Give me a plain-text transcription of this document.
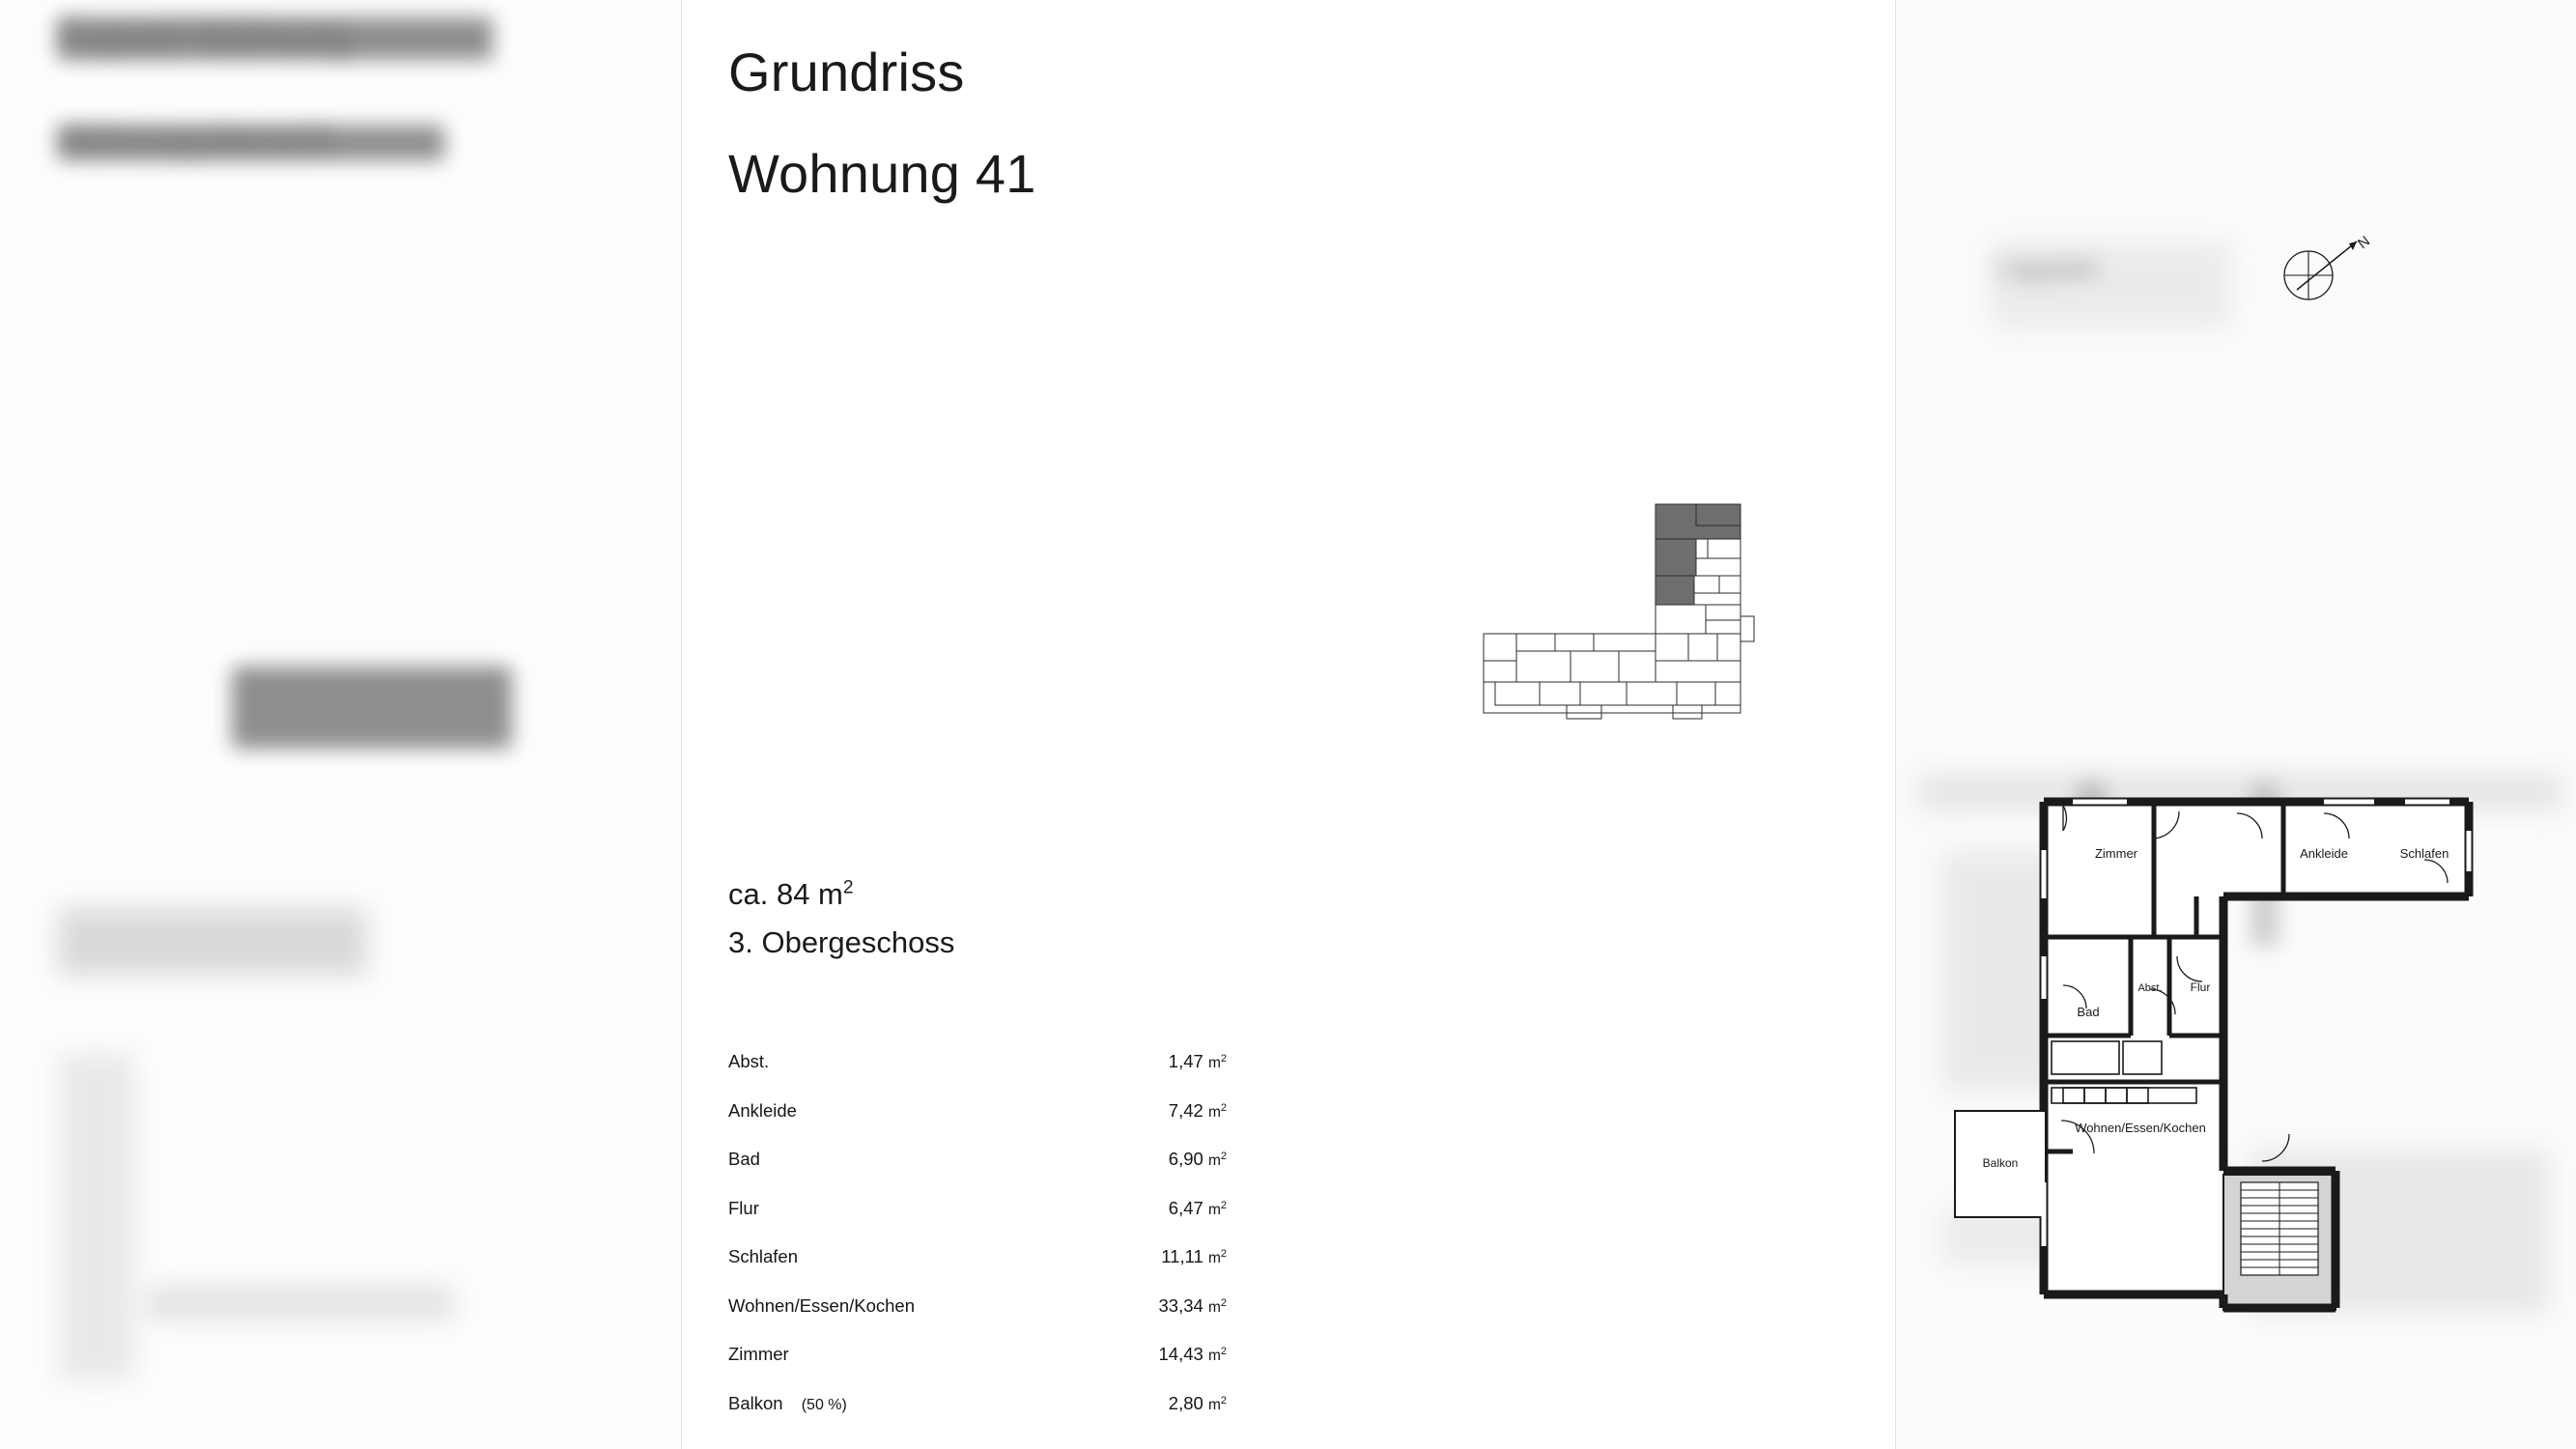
Exposé Wohnung
Wohnungsübersicht
Lageplan
Grundriss
Wohnung 41
N
ca. 84 $m^2$
3. Obergeschoss
Abst.	1,47 $m^2$
Ankleide	7,42 $m^2$
Bad	6,90 $m^2$
Flur	6,47 $m^2$
Schlafen	11,11 $m^2$
Wohnen/Essen/Kochen	33,34 $m^2$
Zimmer	14,43 $m^2$
Balkon (50 %)	2,80 $m^2$
Zimmer	Ankleide	Schlafen
Bad
Abst. Flur
Wohnen/Essen/Kochen
Balkon
